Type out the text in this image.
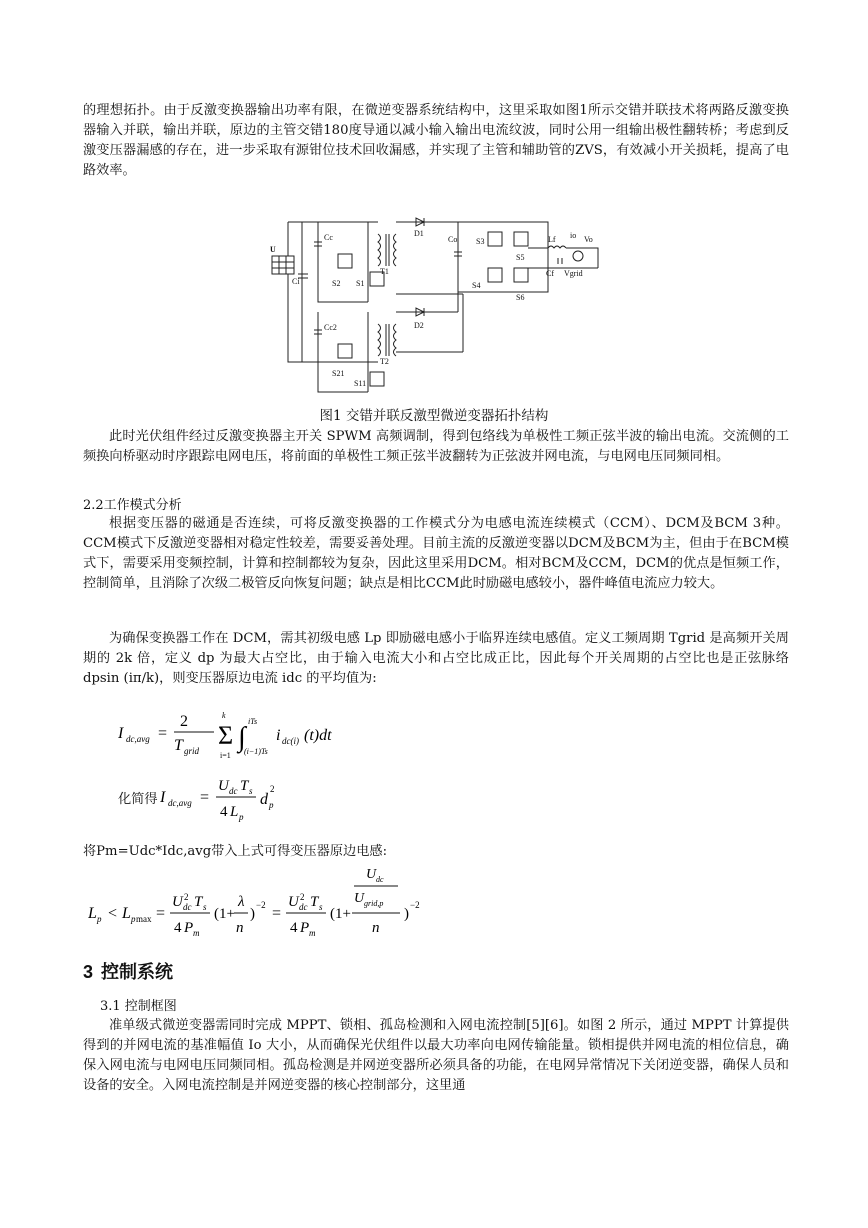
的理想拓扑。由于反激变换器输出功率有限，在微逆变器系统结构中，这里采取如图1所示交错并联技术将两路反激变换器输入并联，输出并联，原边的主管交错180度导通以减小输入输出电流纹波，同时公用一组输出极性翻转桥；考虑到反激变压器漏感的存在，进一步采取有源钳位技术回收漏感，并实现了主管和辅助管的ZVS，有效减小开关损耗，提高了电路效率。

U
Ci
Cc
Cc2
T1
T2
D1
D2
Co
S2 S1
S21
S11
S3
S4
S5
S6
Lf
Cf
Vo
Vgrid
io

图1 交错并联反激型微逆变器拓扑结构

此时光伏组件经过反激变换器主开关 SPWM 高频调制，得到包络线为单极性工频正弦半波的输出电流。交流侧的工频换向桥驱动时序跟踪电网电压，将前面的单极性工频正弦半波翻转为正弦波并网电流，与电网电压同频同相。

2.2工作模式分析

根据变压器的磁通是否连续，可将反激变换器的工作模式分为电感电流连续模式（CCM）、DCM及BCM 3种。CCM模式下反激逆变器相对稳定性较差，需要妥善处理。目前主流的反激逆变器以DCM及BCM为主，但由于在BCM模式下，需要采用变频控制，计算和控制都较为复杂，因此这里采用DCM。相对BCM及CCM，DCM的优点是恒频工作，控制简单，且消除了次级二极管反向恢复问题；缺点是相比CCM此时励磁电感较小，器件峰值电流应力较大。

为确保变换器工作在 DCM，需其初级电感 Lp 即励磁电感小于临界连续电感值。定义工频周期 Tgrid 是高频开关周期的 2k 倍，定义 dp 为最大占空比，由于输入电流大小和占空比成正比，因此每个开关周期的占空比也是正弦脉络 dpsin (iπ/k)，则变压器原边电流 idc 的平均值为:

I dc,avg =
2
T grid
Σ
k
i=1
∫
iTs
(i−1)Ts
i dc(i) (t)dt
化简得 I dc,avg =
U dc T s
4 L p
d p
2

将Pm=Udc*Idc,avg带入上式可得变压器原边电感:

L p < L p max =
U dc
2 T s
4 P m
(1+
λ
n
)
−2 =
U dc
2 T s
4 P m
(1+
U dc
U grid,p
n
)
−2
3 控制系统

3.1 控制框图

准单级式微逆变器需同时完成 MPPT、锁相、孤岛检测和入网电流控制[5][6]。如图 2 所示，通过 MPPT 计算提供得到的并网电流的基准幅值 Io 大小，从而确保光伏组件以最大功率向电网传输能量。锁相提供并网电流的相位信息，确保入网电流与电网电压同频同相。孤岛检测是并网逆变器所必须具备的功能，在电网异常情况下关闭逆变器，确保人员和设备的安全。入网电流控制是并网逆变器的核心控制部分，这里通
